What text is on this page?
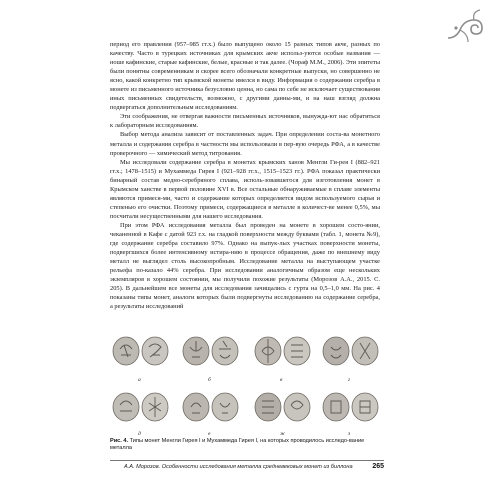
период его правления (957–985 гг.х.) было выпущено около 15 разных типов акче, разных по качеству. Часто в турецких источниках для крымских акче использ-уются особые названия — ноше кафинские, старые кафинские, белые, красные и так далее. (Чораф М.М., 2006). Эти эпитеты были понятны современникам и скорее всего обозначали конкретные выпуски, но совершенно не ясно, какой конкретно тип крымской монеты имелся в виду. Информация о содержании серебра в монете из письменного источника безусловно ценна, но сама по себе не исключает существования иных письменных свидетельств, возможно, с другими данны-ми, и на наш взгляд должна подвергаться дополнительным исследованиям.

Эти соображения, не отвергая важности письменных источников, вынужда-ют нас обратиться к лабораторным исследованиям.

Выбор метода анализа зависит от поставленных задач. При определении соста-ва монетного металла и содержания серебра в частности мы использовали в пер-вую очередь РФА, а в качестве проверочного — химический метод титрования.

Мы исследовали содержание серебра в монетах крымских ханов Менгли Ги-рея I (882–921 гг.х.; 1478–1515) и Мухаммеда Гирея I (921–928 гг.х., 1515–1523 гг.). РФА показал практически бинарный состав медно-серебряного сплава, исполь-зовавшегося для изготовления монет в Крымском ханстве в первой половине XVI в. Все остальные обнаруживаемые в сплаве элементы являются примеся-ми, часто и содержание которых определяется видом используемого сырья и степенью его очистки. Поэтому примеси, содержащиеся в металле в количест-ве менее 0,5%, мы посчитали несущественными для нашего исследования.

При этом РФА исследования металла был проведен на монете в хорошем состо-янии, чеканенной в Кафе с датой 923 г.х. на гладкой поверхности между буквами (табл. 1, монета №9), где содержание серебра составило 97%. Однако на выпук-лых участках поверхности монеты, подвергшихся более интенсивному истира-нию в процессе обращения, даже по внешнему виду металл не выглядел столь высокопробным. Исследование металла на выступающем участке рельефа по-казало 44% серебра. При исследовании аналогичным образом еще нескольких экземпляров в хорошем состоянии, мы получили похожие результаты (Морозов А.А., 2015. С. 205). В дальнейшем все монеты для исследования зачищались с гурта на 0,5–1,0 мм. На рис. 4 показаны типы монет, аналоги которых были подвергнуты исследованию на содержание серебра, а результаты исследований

а	б	в	г
д	е	ж	з
Рис. 4. Типы монет Менгли Гирея I и Мухаммеда Гирея I, на которых проводилось исследо-вание металла
А.А. Морозов. Особенности исследования металла средневековых монет из биллона	265
